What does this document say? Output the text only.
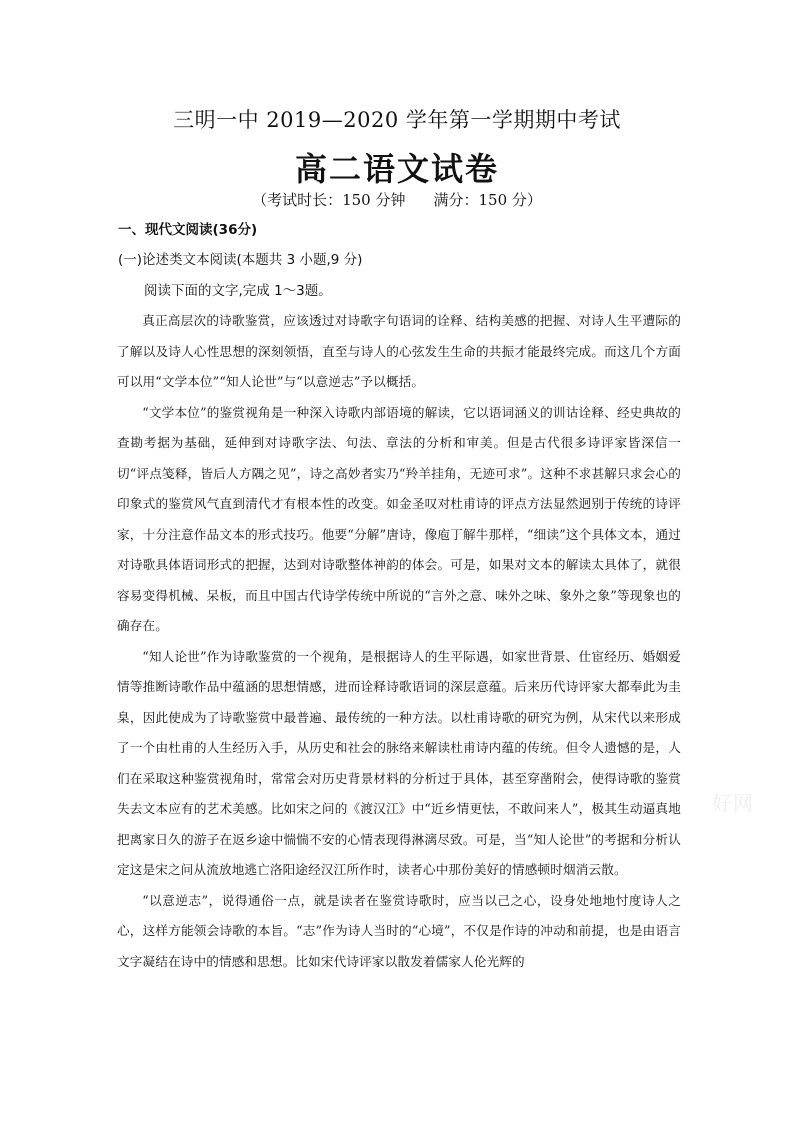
三明一中 2019—2020 学年第一学期期中考试
高二语文试卷
（考试时长：150 分钟 满分：150 分）
一、现代文阅读(36分)
(一)论述类文本阅读(本题共 3 小题,9 分)
阅读下面的文字,完成 1～3题。

真正高层次的诗歌鉴赏，应该透过对诗歌字句语词的诠释、结构美感的把握、对诗人生平遭际的了解以及诗人心性思想的深刻领悟，直至与诗人的心弦发生生命的共振才能最终完成。而这几个方面可以用“文学本位”“知人论世”与“以意逆志”予以概括。

“文学本位”的鉴赏视角是一种深入诗歌内部语境的解读，它以语词涵义的训诂诠释、经史典故的查勘考据为基础，延伸到对诗歌字法、句法、章法的分析和审美。但是古代很多诗评家皆深信一切“评点笺释，皆后人方隅之见”，诗之高妙者实乃“羚羊挂角，无迹可求”。这种不求甚解只求会心的印象式的鉴赏风气直到清代才有根本性的改变。如金圣叹对杜甫诗的评点方法显然迥别于传统的诗评家，十分注意作品文本的形式技巧。他要“分解”唐诗，像庖丁解牛那样，“细读”这个具体文本，通过对诗歌具体语词形式的把握，达到对诗歌整体神韵的体会。可是，如果对文本的解读太具体了，就很容易变得机械、呆板，而且中国古代诗学传统中所说的“言外之意、味外之味、象外之象”等现象也的确存在。

“知人论世”作为诗歌鉴赏的一个视角，是根据诗人的生平际遇，如家世背景、仕宦经历、婚姻爱情等推断诗歌作品中蕴涵的思想情感，进而诠释诗歌语词的深层意蕴。后来历代诗评家大都奉此为圭臬，因此使成为了诗歌鉴赏中最普遍、最传统的一种方法。以杜甫诗歌的研究为例，从宋代以来形成了一个由杜甫的人生经历入手，从历史和社会的脉络来解读杜甫诗内蕴的传统。但令人遗憾的是，人们在采取这种鉴赏视角时，常常会对历史背景材料的分析过于具体，甚至穿凿附会，使得诗歌的鉴赏失去文本应有的艺术美感。比如宋之问的《渡汉江》中“近乡情更怯，不敢问来人”，极其生动逼真地把离家日久的游子在返乡途中惴惴不安的心情表现得淋漓尽致。可是，当“知人论世”的考据和分析认定这是宋之问从流放地逃亡洛阳途经汉江所作时，读者心中那份美好的情感顿时烟消云散。

“以意逆志”，说得通俗一点，就是读者在鉴赏诗歌时，应当以己之心，设身处地地忖度诗人之心，这样方能领会诗歌的本旨。“志”作为诗人当时的“心境”，不仅是作诗的冲动和前提，也是由语言文字凝结在诗中的情感和思想。比如宋代诗评家以散发着儒家人伦光辉的

好网
